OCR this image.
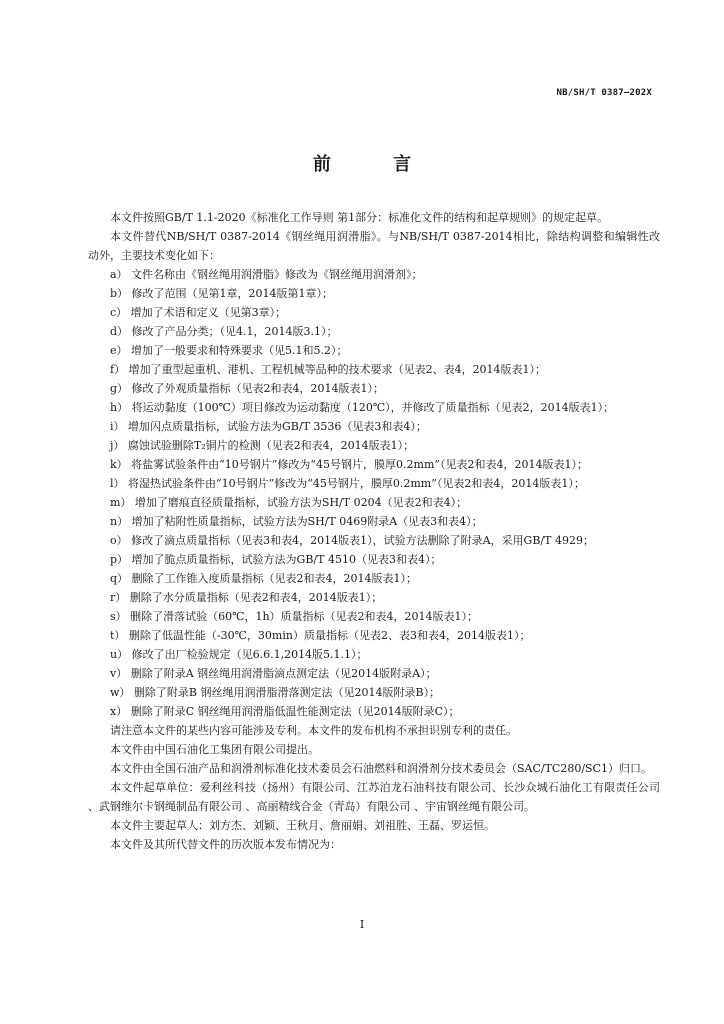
NB/SH/T 0387—202X
前 言

本文件按照GB/T 1.1-2020《标准化工作导则 第1部分：标准化文件的结构和起草规则》的规定起草。

本文件替代NB/SH/T 0387-2014《钢丝绳用润滑脂》。与NB/SH/T 0387-2014相比，除结构调整和编辑性改动外，主要技术变化如下：

a） 文件名称由《钢丝绳用润滑脂》修改为《钢丝绳用润滑剂》；
b） 修改了范围（见第1章，2014版第1章）；
c） 增加了术语和定义（见第3章）；
d） 修改了产品分类；（见4.1，2014版3.1）；
e） 增加了一般要求和特殊要求（见5.1和5.2）；
f） 增加了重型起重机、港机、工程机械等品种的技术要求（见表2、表4，2014版表1）；
g） 修改了外观质量指标（见表2和表4，2014版表1）；
h） 将运动黏度（100℃）项目修改为运动黏度（120℃），并修改了质量指标（见表2，2014版表1）；
i） 增加闪点质量指标，试验方法为GB/T 3536（见表3和表4）；
j） 腐蚀试验删除T₂铜片的检测（见表2和表4，2014版表1）；
k） 将盐雾试验条件由“10号钢片”修改为“45号钢片，膜厚0.2mm”（见表2和表4，2014版表1）；
l） 将湿热试验条件由“10号钢片”修改为“45号钢片，膜厚0.2mm”（见表2和表4，2014版表1）；
m） 增加了磨痕直径质量指标，试验方法为SH/T 0204（见表2和表4）；
n） 增加了粘附性质量指标，试验方法为SH/T 0469附录A（见表3和表4）；
o） 修改了滴点质量指标（见表3和表4，2014版表1），试验方法删除了附录A，采用GB/T 4929；
p） 增加了脆点质量指标，试验方法为GB/T 4510（见表3和表4）；
q） 删除了工作锥入度质量指标（见表2和表4，2014版表1）；
r） 删除了水分质量指标（见表2和表4，2014版表1）；
s） 删除了滑落试验（60℃，1h）质量指标（见表2和表4，2014版表1）；
t） 删除了低温性能（-30℃，30min）质量指标（见表2、表3和表4，2014版表1）；
u） 修改了出厂检验规定（见6.6.1,2014版5.1.1）；
v） 删除了附录A 钢丝绳用润滑脂滴点测定法（见2014版附录A）；
w） 删除了附录B 钢丝绳用润滑脂滑落测定法（见2014版附录B）；
x） 删除了附录C 钢丝绳用润滑脂低温性能测定法（见2014版附录C）；

请注意本文件的某些内容可能涉及专利。本文件的发布机构不承担识别专利的责任。

本文件由中国石油化工集团有限公司提出。

本文件由全国石油产品和润滑剂标准化技术委员会石油燃料和润滑剂分技术委员会（SAC/TC280/SC1）归口。

本文件起草单位：爱利丝科技（扬州）有限公司、江苏泊龙石油科技有限公司、长沙众城石油化工有限责任公司 、武钢维尔卡钢绳制品有限公司 、高丽精线合金（青岛）有限公司 、宇宙钢丝绳有限公司。

本文件主要起草人：刘方杰、刘颖、王秋月、詹丽娟、刘祖胜、王磊、罗运恒。

本文件及其所代替文件的历次版本发布情况为：

I
